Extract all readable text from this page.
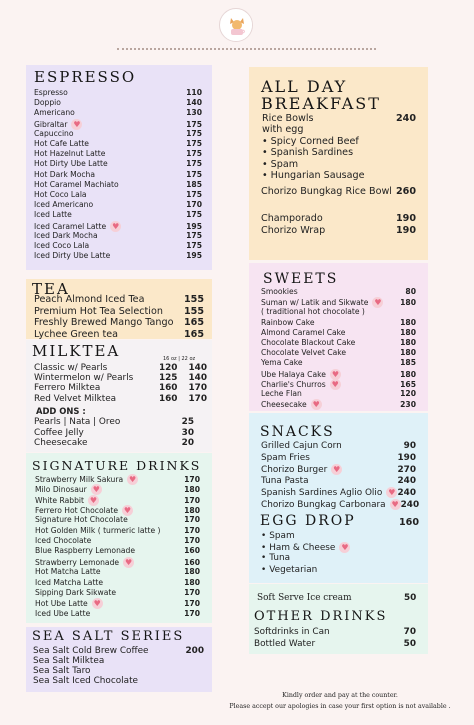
ESPRESSO
Espresso	110
Doppio	140
Americano	130
Gibraltar ♥	175
Capuccino	175
Hot Cafe Latte	175
Hot Hazelnut Latte	175
Hot Dirty Ube Latte	175
Hot Dark Mocha	175
Hot Caramel Machiato	185
Hot Coco Lala	175
Iced Americano	170
Iced Latte	175
Iced Caramel Latte ♥	195
Iced Dark Mocha	175
Iced Coco Lala	175
Iced Dirty Ube Latte	195
TEA
Peach Almond Iced Tea	155
Premium Hot Tea Selection 155
Freshly Brewed Mango Tango 165
Lychee Green tea	165
MILKTEA	16 oz | 22 oz
Classic w/ Pearls	120 140
Wintermelon w/ Pearls	125 140
Ferrero Milktea	160 170
Red Velvet Milktea	160 170
ADD ONS :
Pearls | Nata | Oreo	25
Coffee Jelly	30
Cheesecake	20
SIGNATURE DRINKS
Strawberry Milk Sakura ♥	170
Milo Dinosaur ♥	180
White Rabbit ♥	170
Ferrero Hot Chocolate ♥	180
Signature Hot Chocolate	170
Hot Golden Milk ( turmeric latte )	170
Iced Chocolate	170
Blue Raspberry Lemonade	160
Strawberry Lemonade ♥	160
Hot Matcha Latte	180
Iced Matcha Latte	180
Sipping Dark Sikwate	170
Hot Ube Latte ♥	170
Iced Ube Latte	170
SEA SALT SERIES
Sea Salt Cold Brew Coffee	200
Sea Salt Milktea
Sea Salt Taro
Sea Salt Iced Chocolate
ALL DAY
BREAKFAST
Rice Bowls	240
with egg
• Spicy Corned Beef
• Spanish Sardines
• Spam
• Hungarian Sausage
Chorizo Bungkag Rice Bowl 260
Champorado	190
Chorizo Wrap	190
SWEETS
Smookies	80
Suman w/ Latik and Sikwate ♥ 180
( traditional hot chocolate )
Rainbow Cake	180
Almond Caramel Cake	180
Chocolate Blackout Cake	180
Chocolate Velvet Cake	180
Yema Cake	185
Ube Halaya Cake ♥	180
Charlie's Churros ♥	165
Leche Flan	120
Cheesecake ♥	230
SNACKS
Grilled Cajun Corn	90
Spam Fries	190
Chorizo Burger ♥	270
Tuna Pasta	240
Spanish Sardines Aglio Olio ♥ 240
Chorizo Bungkag Carbonara ♥ 240
EGG DROP	160
• Spam
• Ham & Cheese ♥
• Tuna
• Vegetarian
Soft Serve Ice cream	50
OTHER DRINKS
Softdrinks in Can	70
Bottled Water	50
Kindly order and pay at the counter.
Please accept our apologies in case your first option is not available .
